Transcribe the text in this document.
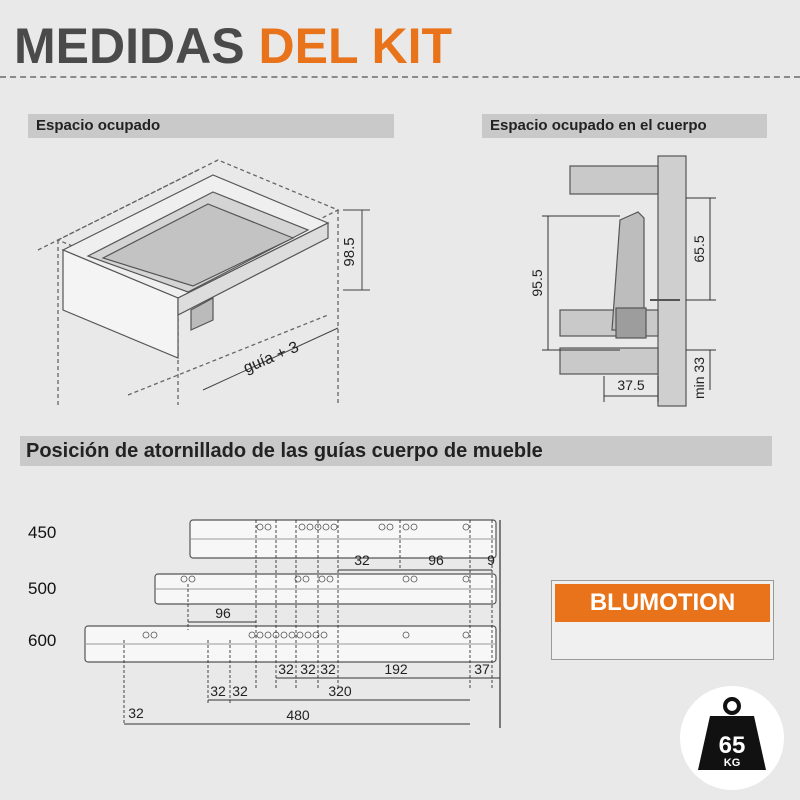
MEDIDAS DEL KIT
Espacio ocupado	Espacio ocupado en el cuerpo
98.5
guía + 3
95.5
65.5
min 33
37.5
Posición de atornillado de las guías cuerpo de mueble
450
500
600
32	96	9
96
32 32 32	192	37
32 32	320
32	480
BLUMOTION
65
KG
